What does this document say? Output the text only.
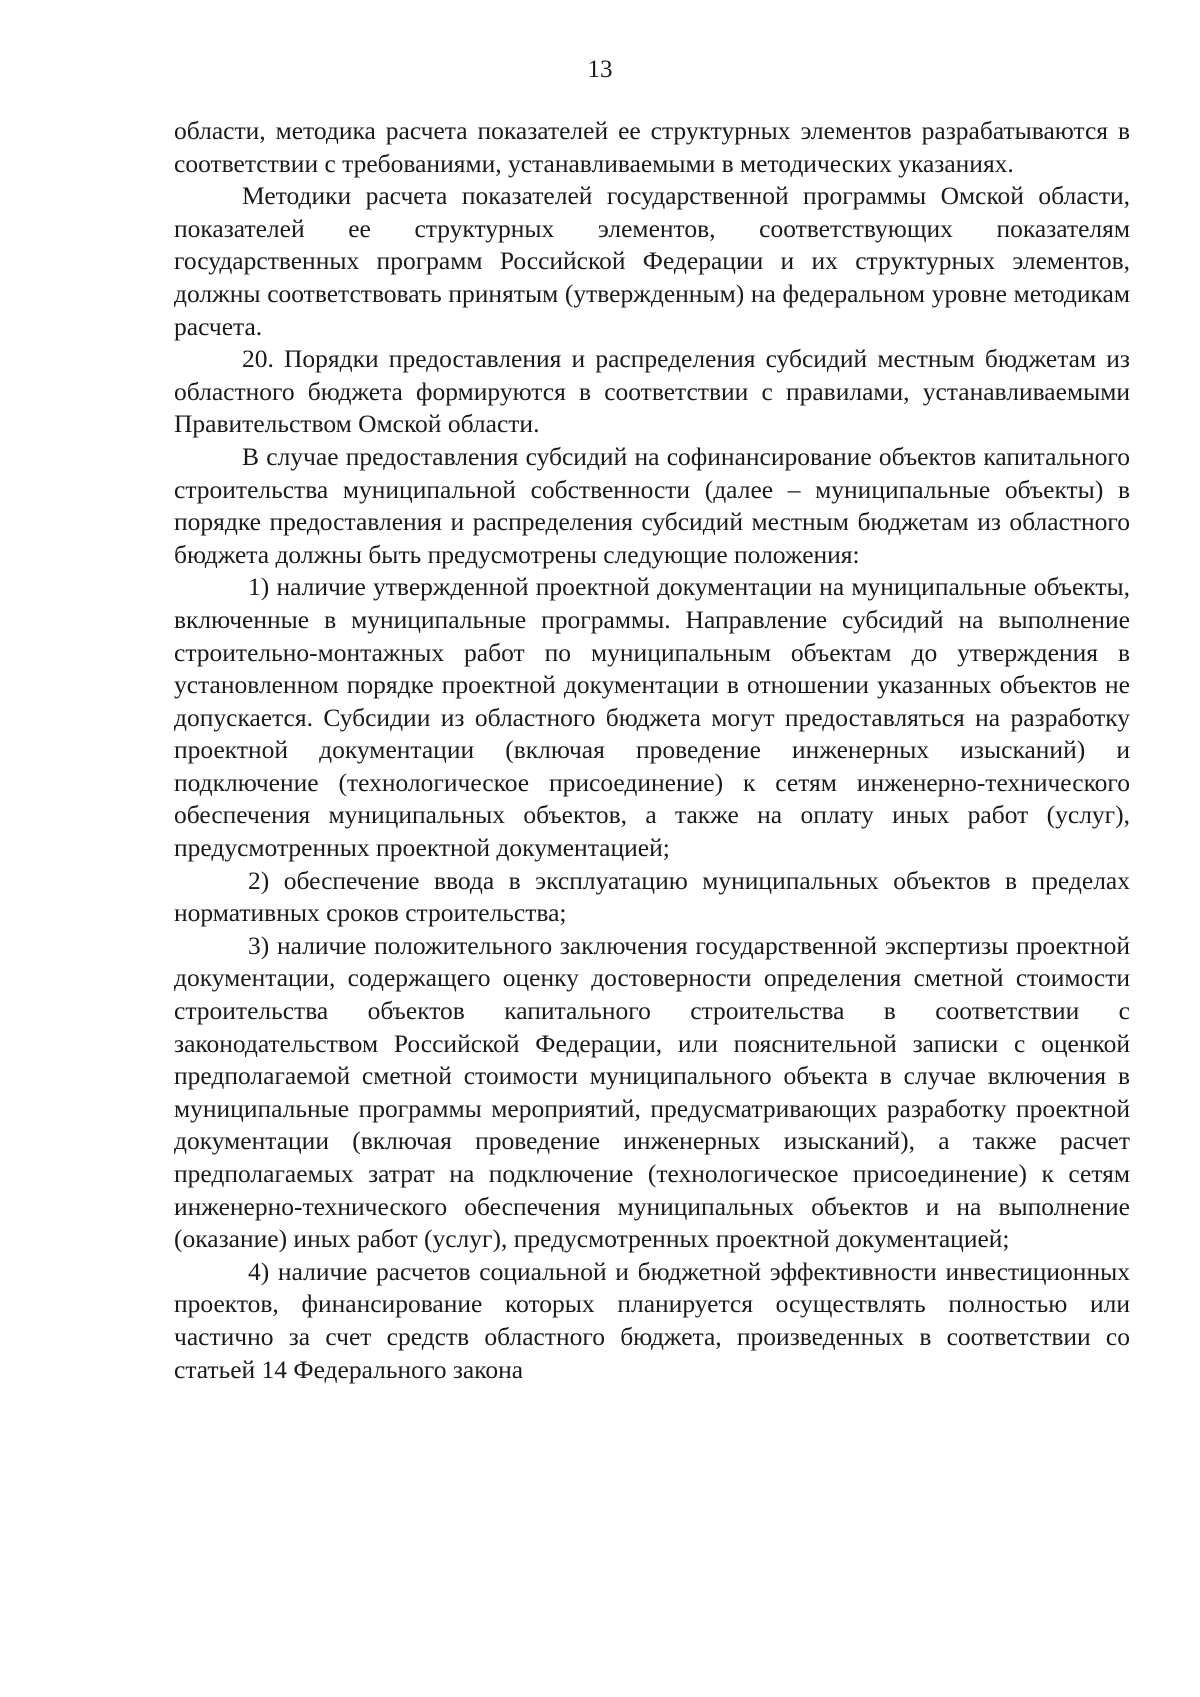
13

области, методика расчета показателей ее структурных элементов разрабатываются в соответствии с требованиями, устанавливаемыми в методических указаниях.

Методики расчета показателей государственной программы Омской области, показателей ее структурных элементов, соответствующих показателям государственных программ Российской Федерации и их структурных элементов, должны соответствовать принятым (утвержденным) на федеральном уровне методикам расчета.

20. Порядки предоставления и распределения субсидий местным бюджетам из областного бюджета формируются в соответствии с правилами, устанавливаемыми Правительством Омской области.

В случае предоставления субсидий на софинансирование объектов капитального строительства муниципальной собственности (далее – муниципальные объекты) в порядке предоставления и распределения субсидий местным бюджетам из областного бюджета должны быть предусмотрены следующие положения:

1) наличие утвержденной проектной документации на муниципальные объекты, включенные в муниципальные программы. Направление субсидий на выполнение строительно-монтажных работ по муниципальным объектам до утверждения в установленном порядке проектной документации в отношении указанных объектов не допускается. Субсидии из областного бюджета могут предоставляться на разработку проектной документации (включая проведение инженерных изысканий) и подключение (технологическое присоединение) к сетям инженерно-технического обеспечения муниципальных объектов, а также на оплату иных работ (услуг), предусмотренных проектной документацией;

2) обеспечение ввода в эксплуатацию муниципальных объектов в пределах нормативных сроков строительства;

3) наличие положительного заключения государственной экспертизы проектной документации, содержащего оценку достоверности определения сметной стоимости строительства объектов капитального строительства в соответствии с законодательством Российской Федерации, или пояснительной записки с оценкой предполагаемой сметной стоимости муниципального объекта в случае включения в муниципальные программы мероприятий, предусматривающих разработку проектной документации (включая проведение инженерных изысканий), а также расчет предполагаемых затрат на подключение (технологическое присоединение) к сетям инженерно-технического обеспечения муниципальных объектов и на выполнение (оказание) иных работ (услуг), предусмотренных проектной документацией;

4) наличие расчетов социальной и бюджетной эффективности инвестиционных проектов, финансирование которых планируется осуществлять полностью или частично за счет средств областного бюджета, произведенных в соответствии со статьей 14 Федерального закона
